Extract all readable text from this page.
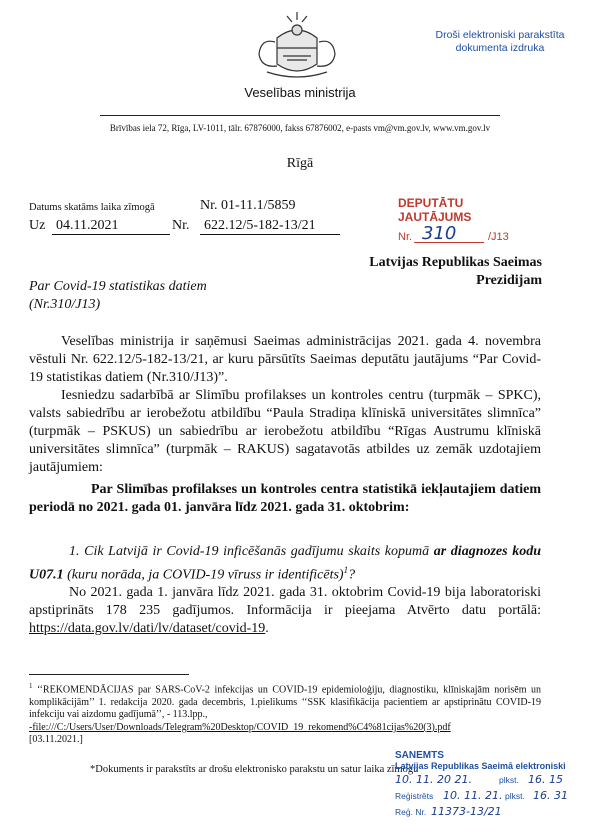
Veselības ministrija
Droši elektroniski parakstīta
dokumenta izdruka
Brīvības iela 72, Rīga, LV-1011, tālr. 67876000, fakss 67876002, e-pasts vm@vm.gov.lv, www.vm.gov.lv
Rīgā
Datums skatāms laika zīmogā	Nr. 01-11.1/5859
Uz 04.11.2021	Nr. 622.12/5-182-13/21
DEPUTĀTU JAUTĀJUMS
Nr. 310	/J13
Latvijas Republikas Saeimas
Prezidijam
Par Covid-19 statistikas datiem
(Nr.310/J13)

Veselības ministrija ir saņēmusi Saeimas administrācijas 2021. gada 4. novembra vēstuli Nr. 622.12/5-182-13/21, ar kuru pārsūtīts Saeimas deputātu jautājums “Par Covid-19 statistikas datiem (Nr.310/J13)”.

Iesniedzu sadarbībā ar Slimību profilakses un kontroles centru (turpmāk – SPKC), valsts sabiedrību ar ierobežotu atbildību “Paula Stradiņa klīniskā universitātes slimnīca” (turpmāk – PSKUS) un sabiedrību ar ierobežotu atbildību “Rīgas Austrumu klīniskā universitātes slimnīca” (turpmāk – RAKUS) sagatavotās atbildes uz zemāk uzdotajiem jautājumiem:

Par Slimības profilakses un kontroles centra statistikā iekļautajiem datiem periodā no 2021. gada 01. janvāra līdz 2021. gada 31. oktobrim:
1. Cik Latvijā ir Covid-19 inficēšanās gadījumu skaits kopumā ar diagnozes kodu U07.1 (kuru norāda, ja COVID-19 vīruss ir identificēts)$^1$?
No 2021. gada 1. janvāra līdz 2021. gada 31. oktobrim Covid-19 bija laboratoriski apstiprināts 178 235 gadījumos. Informācija ir pieejama Atvērto datu portālā: https://data.gov.lv/dati/lv/dataset/covid-19.
$^1$ ‘‘REKOMENDĀCIJAS par SARS-CoV-2 infekcijas un COVID-19 epidemioloģiju, diagnostiku, klīniskajām norisēm un komplikācijām’’ 1. redakcija 2020. gada decembris, 1.pielikums ‘‘SSK klasifikācija pacientiem ar apstiprinātu COVID-19 infekciju vai aizdomu gadījumā’’, - 113.lpp.,
-file:///C:/Users/User/Downloads/Telegram%20Desktop/COVID_19_rekomend%C4%81cijas%20(3).pdf
[03.11.2021.]
*Dokuments ir parakstīts ar drošu elektronisko parakstu un satur laika zīmogu
SANEMTS
Latvijas Republikas Saeimā elektroniski
10. 11. 20 21.	plkst. 16. 15
Reģistrēts 10. 11. 21. plkst. 16. 31
Reģ. Nr. 11373-13/21
